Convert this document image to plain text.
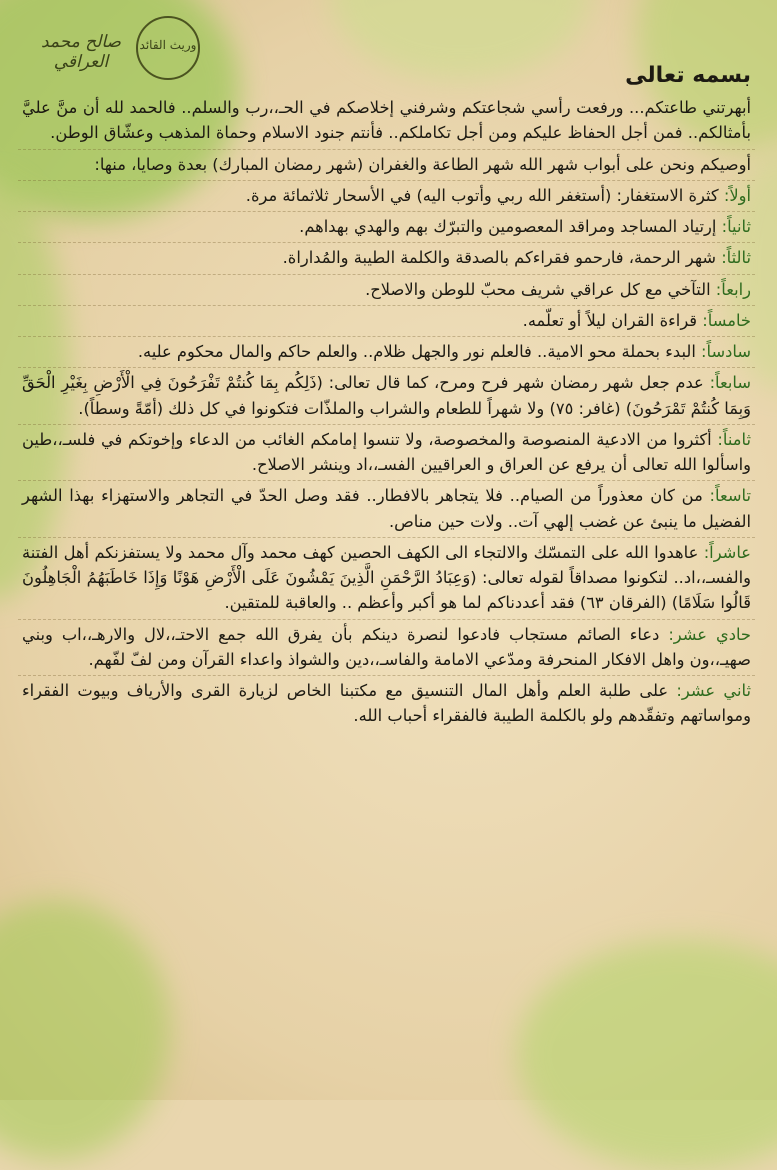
وريث القائد
صالح محمد العراقي
بسمه تعالى

أبهرتني طاعتكم... ورفعت رأسي شجاعتكم وشرفني إخلاصكم في الحـ،،رب والسلم.. فالحمد لله أن منَّ عليَّ بأمثالكم.. فمن أجل الحفاظ عليكم ومن أجل تكاملكم.. فأنتم جنود الاسلام وحماة المذهب وعشّاق الوطن.

أوصيكم ونحن على أبواب شهر الله شهر الطاعة والغفران (شهر رمضان المبارك) بعدة وصايا، منها:

أولاً: كثرة الاستغفار: (أستغفر الله ربي وأتوب اليه) في الأسحار ثلاثمائة مرة.

ثانياً: إرتياد المساجد ومراقد المعصومين والتبرّك بهم والهدي بهداهم.

ثالثاً: شهر الرحمة، فارحمو فقراءكم بالصدقة والكلمة الطيبة والمُداراة.

رابعاً: التآخي مع كل عراقي شريف محبّ للوطن والاصلاح.

خامساً: قراءة القران ليلاً أو تعلّمه.

سادساً: البدء بحملة محو الامية.. فالعلم نور والجهل ظلام.. والعلم حاكم والمال محكوم عليه.

سابعاً: عدم جعل شهر رمضان شهر فرح ومرح، كما قال تعالى: (ذَلِكُم بِمَا كُنتُمْ تَفْرَحُونَ فِي الْأَرْضِ بِغَيْرِ الْحَقِّ وَبِمَا كُنتُمْ تَمْرَحُونَ) (غافر: ٧٥) ولا شهراً للطعام والشراب والملذّات فتكونوا في كل ذلك (أمّةً وسطاً).

ثامناً: أكثروا من الادعية المنصوصة والمخصوصة، ولا تنسوا إمامكم الغائب من الدعاء وإخوتكم في فلسـ،،طين واسألوا الله تعالى أن يرفع عن العراق و العراقيين الفسـ،،اد وينشر الاصلاح.

تاسعاً: من كان معذوراً من الصيام.. فلا يتجاهر بالافطار.. فقد وصل الحدّ في التجاهر والاستهزاء بهذا الشهر الفضيل ما ينبئ عن غضب إلهي آت.. ولات حين مناص.

عاشراً: عاهدوا الله على التمسّك والالتجاء الى الكهف الحصين كهف محمد وآل محمد ولا يستفزنكم أهل الفتنة والفسـ،،اد.. لتكونوا مصداقاً لقوله تعالى: (وَعِبَادُ الرَّحْمَنِ الَّذِينَ يَمْشُونَ عَلَى الْأَرْضِ هَوْنًا وَإِذَا خَاطَبَهُمُ الْجَاهِلُونَ قَالُوا سَلَامًا) (الفرقان ٦٣) فقد أعددناكم لما هو أكبر وأعظم .. والعاقبة للمتقين.

حادي عشر: دعاء الصائم مستجاب فادعوا لنصرة دينكم بأن يفرق الله جمع الاحتـ،،لال والارهـ،،اب وبني صهيـ،،ون واهل الافكار المنحرفة ومدّعي الامامة والفاسـ،،دين والشواذ واعداء القرآن ومن لفّ لفّهم.

ثاني عشر: على طلبة العلم وأهل المال التنسيق مع مكتبنا الخاص لزيارة القرى والأرياف وبيوت الفقراء ومواساتهم وتفقّدهم ولو بالكلمة الطيبة فالفقراء أحباب الله.
